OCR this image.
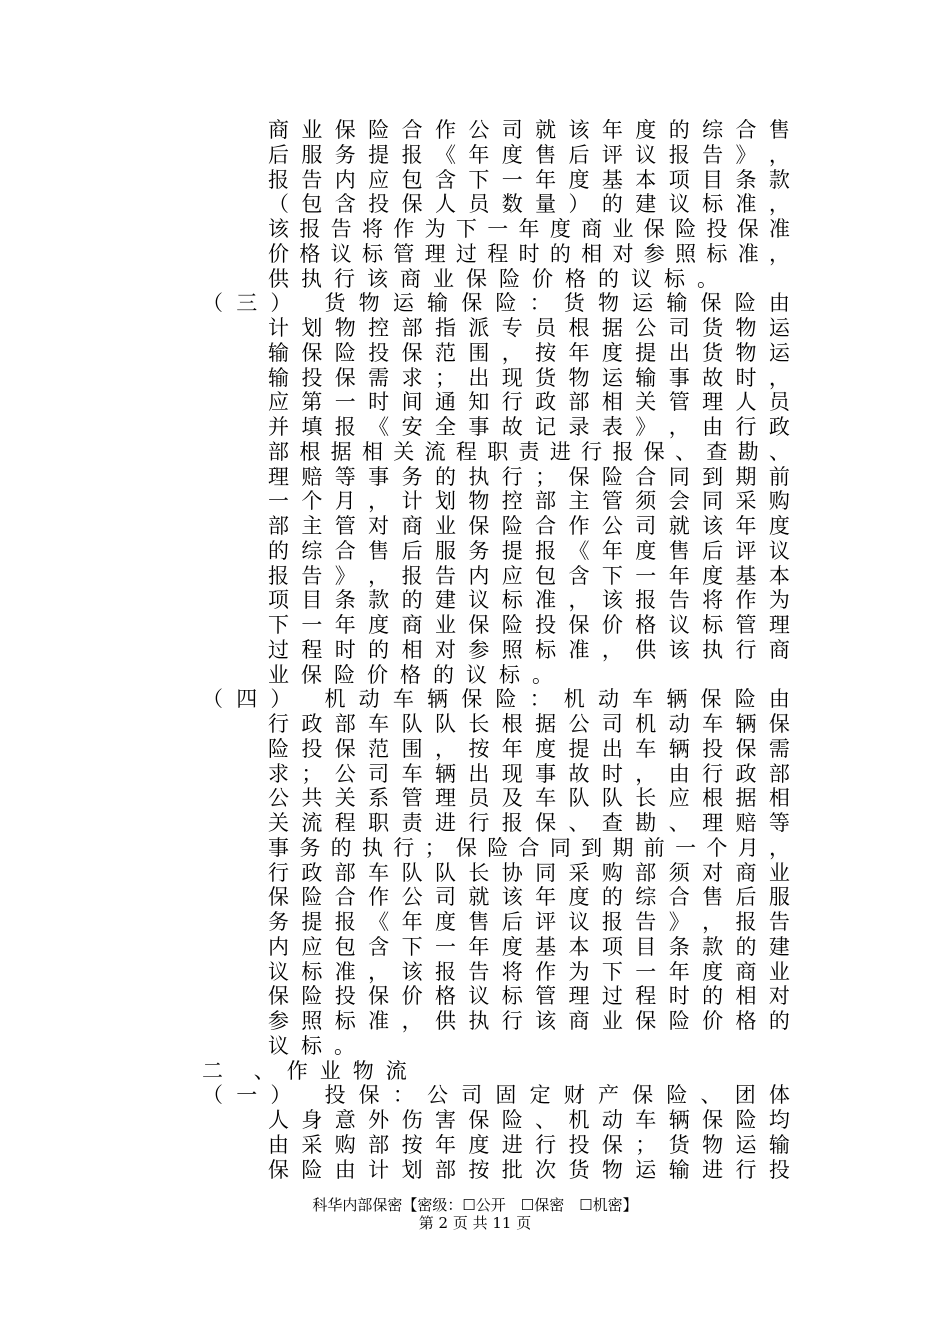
商 业 保 险 合 作 公 司 就 该 年 度 的 综 合 售
后 服 务 提 报 《 年 度 售 后 评 议 报 告 》 ，
报 告 内 应 包 含 下 一 年 度 基 本 项 目 条 款
（ 包 含 投 保 人 员 数 量 ） 的 建 议 标 准 ，
该 报 告 将 作 为 下 一 年 度 商 业 保 险 投 保 准
价 格 议 标 管 理 过 程 时 的 相 对 参 照 标 准 ，
供 执 行 该 商 业 保 险 价 格 的 议 标 。
（ 三 ）
货 物 运 输 保 险 ： 货 物 运 输 保 险 由
计 划 物 控 部 指 派 专 员 根 据 公 司 货 物 运
输 保 险 投 保 范 围 ， 按 年 度 提 出 货 物 运
输 投 保 需 求 ； 出 现 货 物 运 输 事 故 时 ，
应 第 一 时 间 通 知 行 政 部 相 关 管 理 人 员
并 填 报 《 安 全 事 故 记 录 表 》 ， 由 行 政
部 根 据 相 关 流 程 职 责 进 行 报 保 、 查 勘 、
理 赔 等 事 务 的 执 行 ； 保 险 合 同 到 期 前
一 个 月 ， 计 划 物 控 部 主 管 须 会 同 采 购
部 主 管 对 商 业 保 险 合 作 公 司 就 该 年 度
的 综 合 售 后 服 务 提 报 《 年 度 售 后 评 议
报 告 》 ， 报 告 内 应 包 含 下 一 年 度 基 本
项 目 条 款 的 建 议 标 准 ， 该 报 告 将 作 为
下 一 年 度 商 业 保 险 投 保 价 格 议 标 管 理
过 程 时 的 相 对 参 照 标 准 ， 供 该 执 行 商
业 保 险 价 格 的 议 标 。
（ 四 ）
机 动 车 辆 保 险 ： 机 动 车 辆 保 险 由
行 政 部 车 队 队 长 根 据 公 司 机 动 车 辆 保
险 投 保 范 围 ， 按 年 度 提 出 车 辆 投 保 需
求 ； 公 司 车 辆 出 现 事 故 时 ， 由 行 政 部
公 共 关 系 管 理 员 及 车 队 队 长 应 根 据 相
关 流 程 职 责 进 行 报 保 、 查 勘 、 理 赔 等
事 务 的 执 行 ； 保 险 合 同 到 期 前 一 个 月 ，
行 政 部 车 队 队 长 协 同 采 购 部 须 对 商 业
保 险 合 作 公 司 就 该 年 度 的 综 合 售 后 服
务 提 报 《 年 度 售 后 评 议 报 告 》 ， 报 告
内 应 包 含 下 一 年 度 基 本 项 目 条 款 的 建
议 标 准 ， 该 报 告 将 作 为 下 一 年 度 商 业
保 险 投 保 价 格 议 标 管 理 过 程 时 的 相 对
参 照 标 准 ， 供 执 行 该 商 业 保 险 价 格 的
议 标 。
二
、 作 业 物 流
（ 一 ）
投 保 ： 公 司 固 定 财 产 保 险 、 团 体
人 身 意 外 伤 害 保 险 、 机 动 车 辆 保 险 均
由 采 购 部 按 年 度 进 行 投 保 ； 货 物 运 输
保 险 由 计 划 部 按 批 次 货 物 运 输 进 行 投
科华内部保密【密级：☐公开　☐保密　☐机密】
第 2 页 共 11 页
